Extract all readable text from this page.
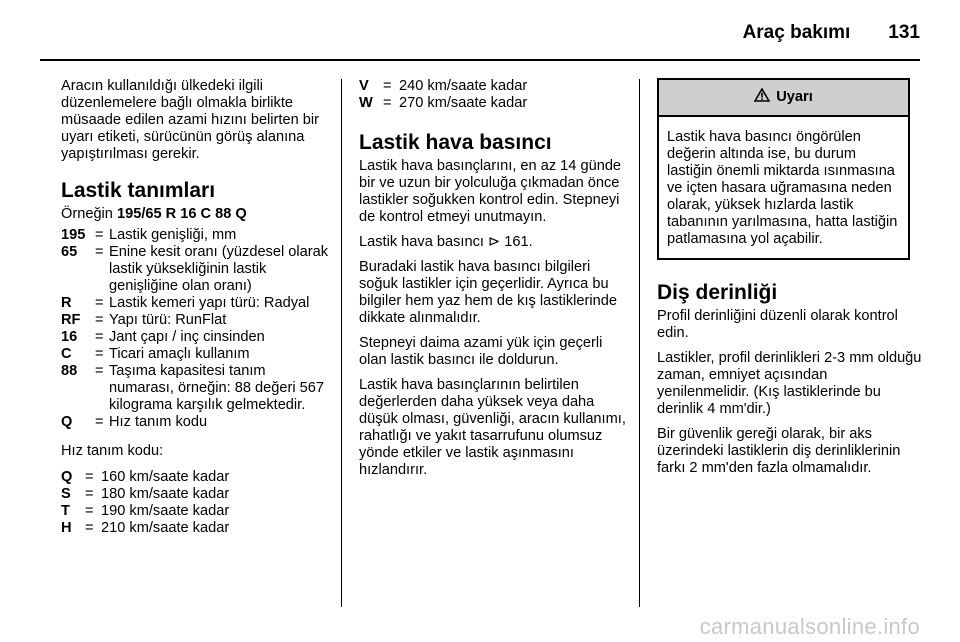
Araç bakımı 131

Aracın kullanıldığı ülkedeki ilgili düzenlemelere bağlı olmakla birlikte müsaade edilen azami hızını belirten bir uyarı etiketi, sürücünün görüş alanına yapıştırılması gerekir.

Lastik tanımları

Örneğin 195/65 R 16 C 88 Q

195 = Lastik genişliği, mm
65	= Enine kesit oranı (yüzdesel olarak lastik yüksekliğinin lastik genişliğine olan oranı)
R	= Lastik kemeri yapı türü: Radyal
RF = Yapı türü: RunFlat
16	= Jant çapı / inç cinsinden
C	= Ticari amaçlı kullanım
88	= Taşıma kapasitesi tanım numarası, örneğin: 88 değeri 567 kilograma karşılık gelmektedir.
Q	= Hız tanım kodu

Hız tanım kodu:

Q = 160 km/saate kadar
S = 180 km/saate kadar
T	= 190 km/saate kadar
H = 210 km/saate kadar
V = 240 km/saate kadar
W = 270 km/saate kadar
Lastik hava basıncı

Lastik hava basınçlarını, en az 14 günde bir ve uzun bir yolculuğa çıkmadan önce lastikler soğukken kontrol edin. Stepneyi de kontrol etmeyi unutmayın.

Lastik hava basıncı ⊳ 161.

Buradaki lastik hava basıncı bilgileri soğuk lastikler için geçerlidir. Ayrıca bu bilgiler hem yaz hem de kış lastiklerinde dikkate alınmalıdır.

Stepneyi daima azami yük için geçerli olan lastik basıncı ile doldurun.

Lastik hava basınçlarının belirtilen değerlerden daha yüksek veya daha düşük olması, güvenliği, aracın kullanımı, rahatlığı ve yakıt tasarrufunu olumsuz yönde etkiler ve lastik aşınmasını hızlandırır.

Uyarı
Lastik hava basıncı öngörülen değerin altında ise, bu durum lastiğin önemli miktarda ısınmasına ve içten hasara uğramasına neden olarak, yüksek hızlarda lastik tabanının yarılmasına, hatta lastiğin patlamasına yol açabilir.
Diş derinliği

Profil derinliğini düzenli olarak kontrol edin.

Lastikler, profil derinlikleri 2-3 mm olduğu zaman, emniyet açısından yenilenmelidir. (Kış lastiklerinde bu derinlik 4 mm'dir.)

Bir güvenlik gereği olarak, bir aks üzerindeki lastiklerin diş derinliklerinin farkı 2 mm'den fazla olmamalıdır.

carmanualsonline.info
